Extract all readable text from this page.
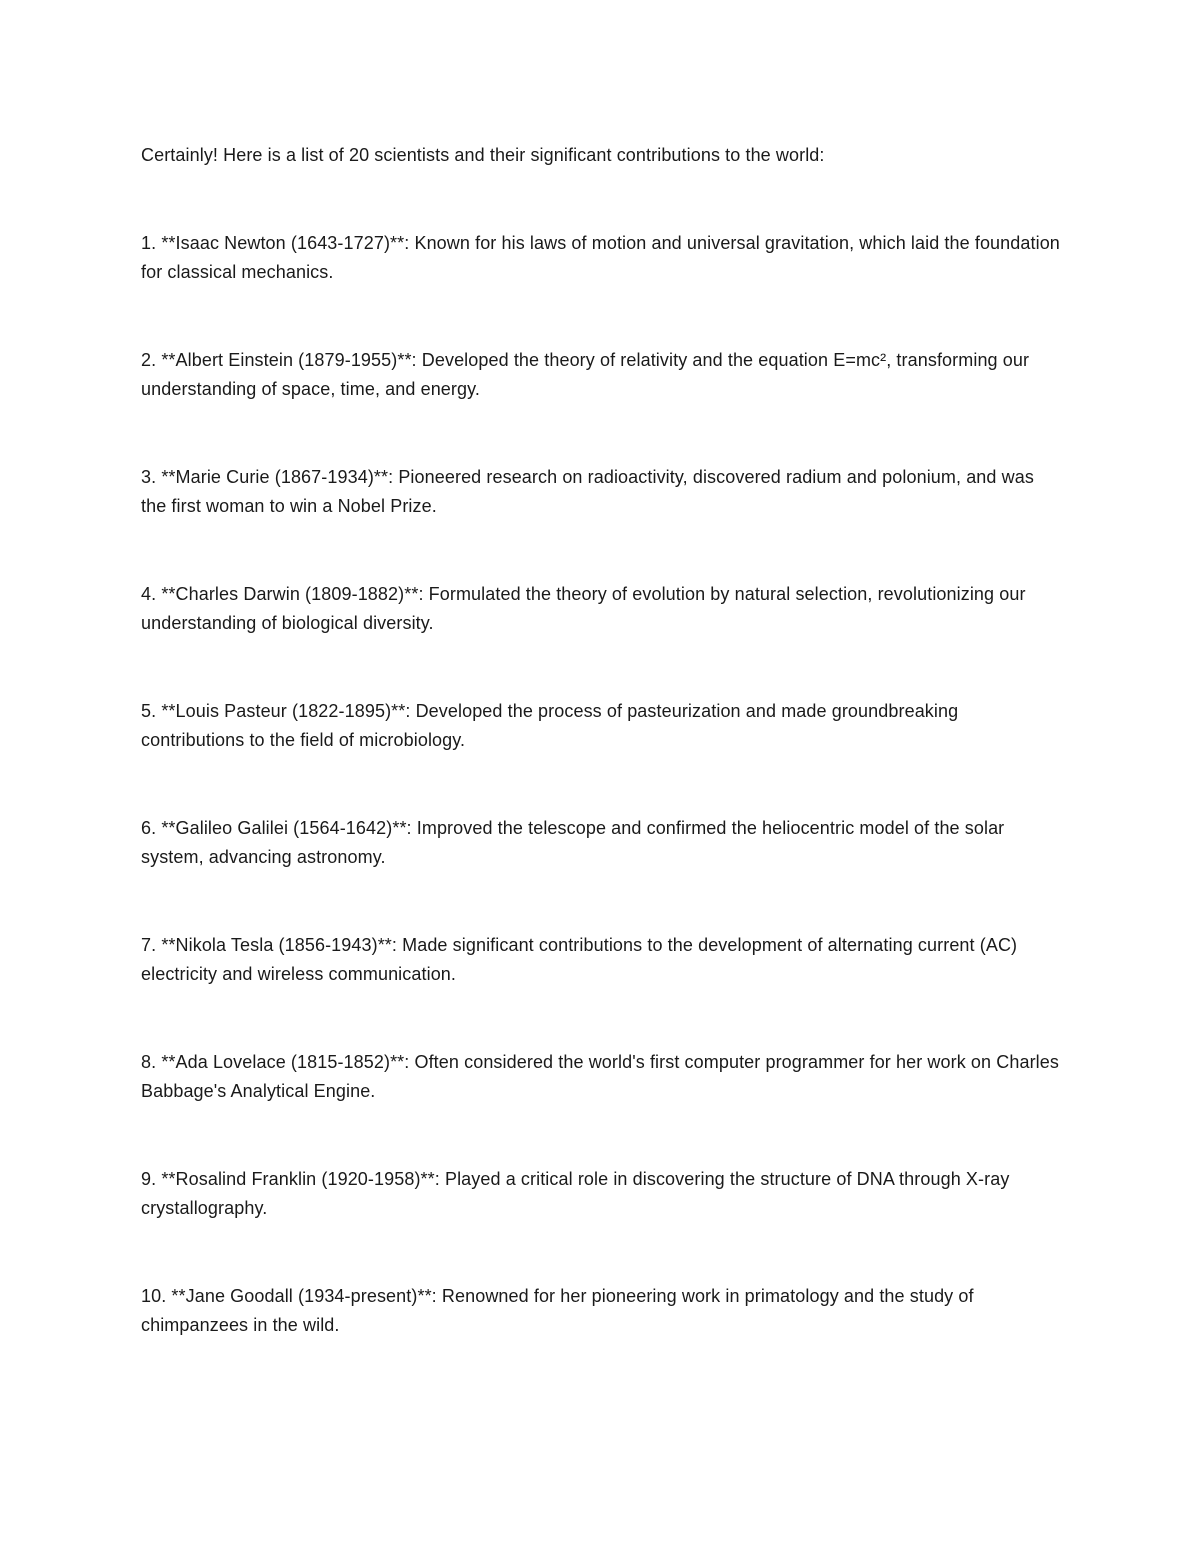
Certainly! Here is a list of 20 scientists and their significant contributions to the world:

1. **Isaac Newton (1643-1727)**: Known for his laws of motion and universal gravitation, which laid the foundation for classical mechanics.

2. **Albert Einstein (1879-1955)**: Developed the theory of relativity and the equation E=mc², transforming our understanding of space, time, and energy.

3. **Marie Curie (1867-1934)**: Pioneered research on radioactivity, discovered radium and polonium, and was the first woman to win a Nobel Prize.

4. **Charles Darwin (1809-1882)**: Formulated the theory of evolution by natural selection, revolutionizing our understanding of biological diversity.

5. **Louis Pasteur (1822-1895)**: Developed the process of pasteurization and made groundbreaking contributions to the field of microbiology.

6. **Galileo Galilei (1564-1642)**: Improved the telescope and confirmed the heliocentric model of the solar system, advancing astronomy.

7. **Nikola Tesla (1856-1943)**: Made significant contributions to the development of alternating current (AC) electricity and wireless communication.

8. **Ada Lovelace (1815-1852)**: Often considered the world's first computer programmer for her work on Charles Babbage's Analytical Engine.

9. **Rosalind Franklin (1920-1958)**: Played a critical role in discovering the structure of DNA through X-ray crystallography.

10. **Jane Goodall (1934-present)**: Renowned for her pioneering work in primatology and the study of chimpanzees in the wild.
